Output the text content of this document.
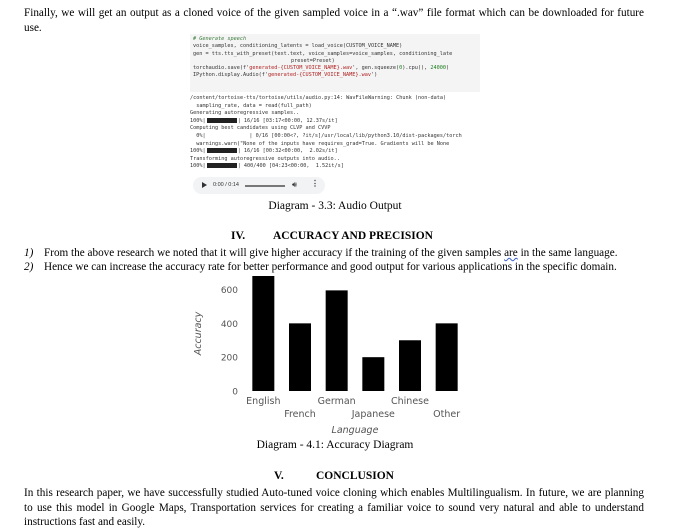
Finally, we will get an output as a cloned voice of the given sampled voice in a “.wav” file format which can be downloaded for future use.
# Generate speech
voice_samples, conditioning_latents = load_voice(CUSTOM_VOICE_NAME)
gen = tts.tts_with_preset(text.text, voice_samples=voice_samples, conditioning_late
preset=Preset)
torchaudio.save(f'generated-{CUSTOM_VOICE_NAME}.wav', gen.squeeze(0).cpu(), 24000)
IPython.display.Audio(f'generated-{CUSTOM_VOICE_NAME}.wav')
/content/tortoise-tts/tortoise/utils/audio.py:14: WavFileWarning: Chunk (non-data)
sampling_rate, data = read(full_path)
Generating autoregressive samples..
100%|	| 16/16 [03:17<00:00, 12.37s/it]
Computing best candidates using CLVP and CVVP
0%|              | 0/16 [00:00<?, ?it/s]/usr/local/lib/python3.10/dist-packages/torch
warnings.warn("None of the inputs have requires_grad=True. Gradients will be None
100%|	| 16/16 [00:32<00:00,  2.02s/it]
Transforming autoregressive outputs into audio..
100%|	| 400/400 [04:23<00:00,  1.52it/s]
0:00 / 0:14	🔊︎ ⋮
Diagram - 3.3: Audio Output
IV. ACCURACY AND PRECISION
1) From the above research we noted that it will give higher accuracy if the training of the given samples are in the same language.
2) Hence we can increase the accuracy rate for better performance and good output for various applications in the specific domain.
0
200
400
600
Accuracy
English
French
German
Japanese
Chinese
Other
Language
Diagram - 4.1: Accuracy Diagram
V.	CONCLUSION
In this research paper, we have successfully studied Auto-tuned voice cloning which enables Multilingualism. In future, we are planning to use this model in Google Maps, Transportation services for creating a familiar voice to sound very natural and able to understand instructions fast and easily.
